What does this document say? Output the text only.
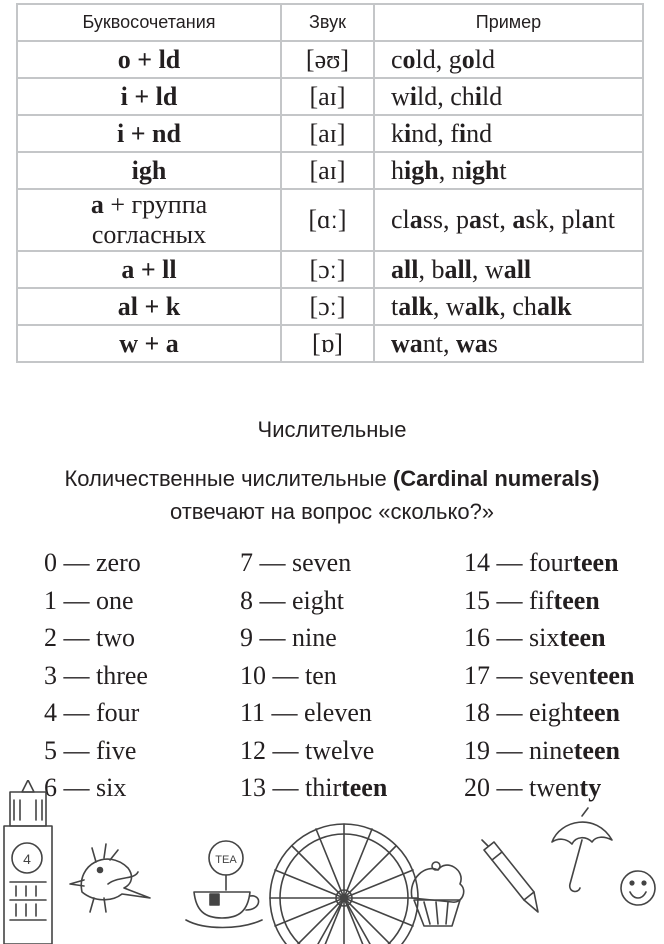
Буквосочетания	Звук	Пример
o + ld	[əʊ]	cold, gold
i + ld	[aɪ]	wild, child
i + nd	[aɪ]	kind, find
igh	[aɪ]	high, night
a + группа
согласных	[ɑː]	class, past, ask, plant
a + ll	[ɔː]	all, ball, wall
al + k	[ɔː]	talk, walk, chalk
w + a	[ɒ]	want, was
Числительные
Количественные числительные (Cardinal numerals)
отвечают на вопрос «сколько?»
0 — zero
1 — one
2 — two
3 — three
4 — four
5 — five
6 — six
7 — seven
8 — eight
9 — nine
10 — ten
11 — eleven
12 — twelve
13 — thirteen
14 — fourteen
15 — fifteen
16 — sixteen
17 — seventeen
18 — eighteen
19 — nineteen
20 — twenty
4	TEA
